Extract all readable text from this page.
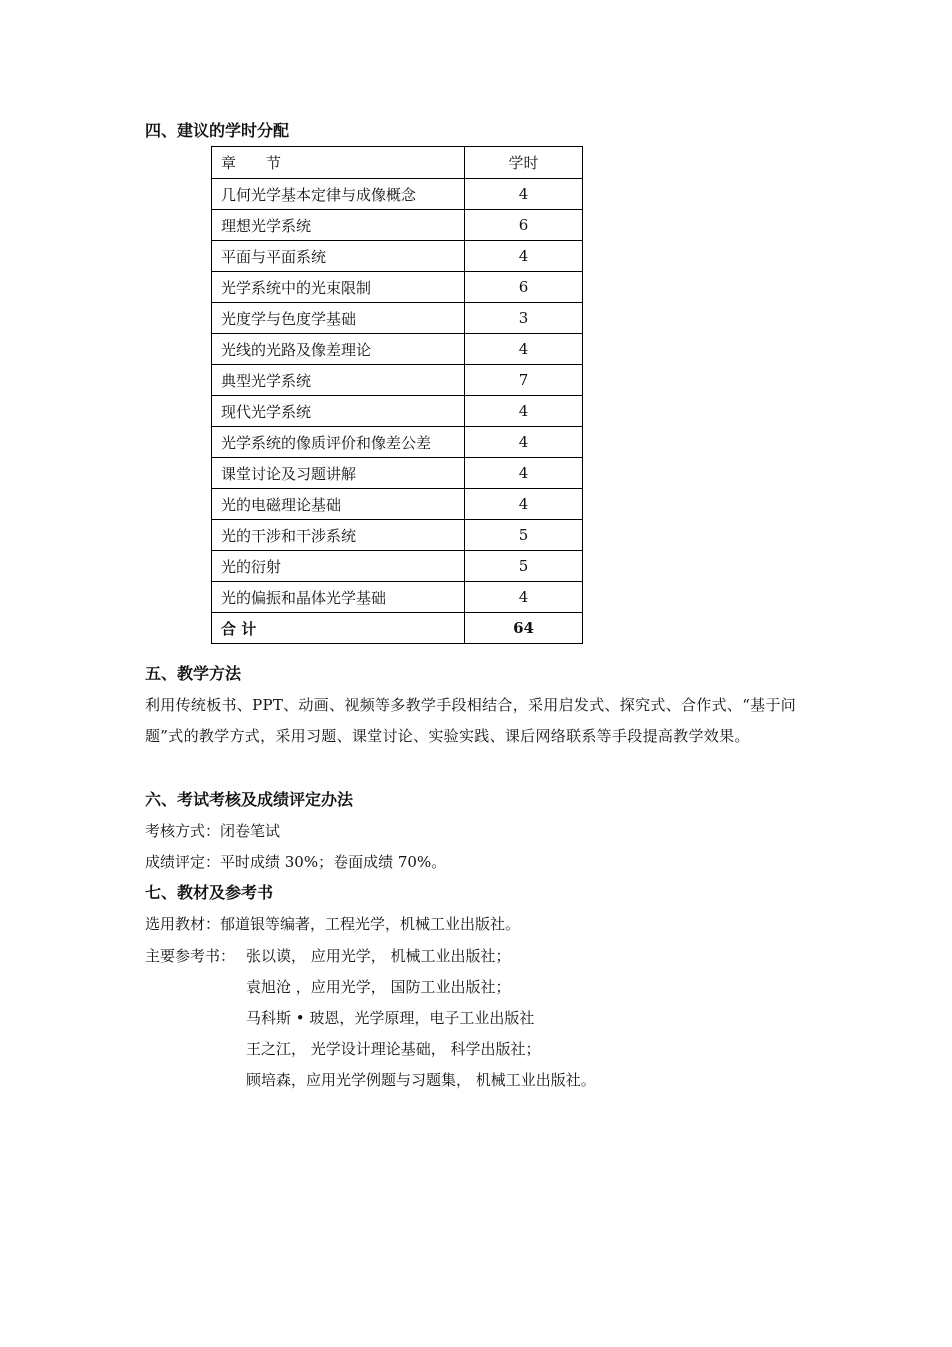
四、建议的学时分配
章　　节	学时
几何光学基本定律与成像概念	4
理想光学系统	6
平面与平面系统	4
光学系统中的光束限制	6
光度学与色度学基础	3
光线的光路及像差理论	4
典型光学系统	7
现代光学系统	4
光学系统的像质评价和像差公差	4
课堂讨论及习题讲解	4
光的电磁理论基础	4
光的干涉和干涉系统	5
光的衍射	5
光的偏振和晶体光学基础	4
合 计	64
五、教学方法
利用传统板书、PPT、动画、视频等多教学手段相结合，采用启发式、探究式、合作式、“基于问题”式的教学方式，采用习题、课堂讨论、实验实践、课后网络联系等手段提高教学效果。
六、考试考核及成绩评定办法
考核方式：闭卷笔试
成绩评定：平时成绩 30%；卷面成绩 70%。
七、教材及参考书
选用教材：郁道银等编著，工程光学，机械工业出版社。
主要参考书： 张以谟， 应用光学， 机械工业出版社；
袁旭沧 ，应用光学， 国防工业出版社；
马科斯 • 玻恩，光学原理，电子工业出版社
王之江， 光学设计理论基础， 科学出版社；
顾培森，应用光学例题与习题集， 机械工业出版社。
